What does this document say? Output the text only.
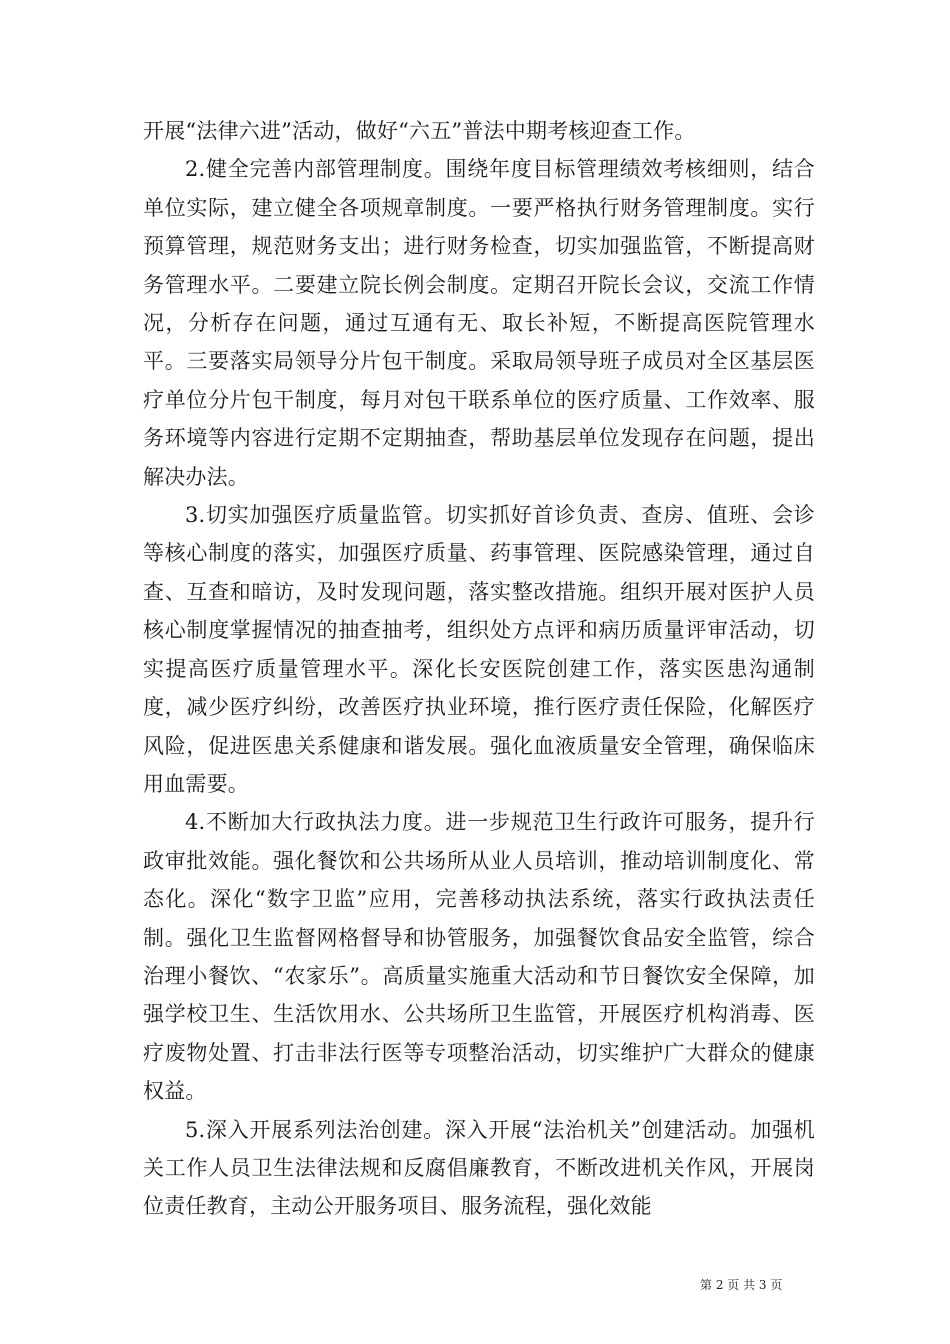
开展“法律六进”活动，做好“六五”普法中期考核迎查工作。

2.健全完善内部管理制度。围绕年度目标管理绩效考核细则，结合单位实际，建立健全各项规章制度。一要严格执行财务管理制度。实行预算管理，规范财务支出；进行财务检查，切实加强监管，不断提高财务管理水平。二要建立院长例会制度。定期召开院长会议，交流工作情况，分析存在问题，通过互通有无、取长补短，不断提高医院管理水平。三要落实局领导分片包干制度。采取局领导班子成员对全区基层医疗单位分片包干制度，每月对包干联系单位的医疗质量、工作效率、服务环境等内容进行定期不定期抽查，帮助基层单位发现存在问题，提出解决办法。

3.切实加强医疗质量监管。切实抓好首诊负责、查房、值班、会诊等核心制度的落实，加强医疗质量、药事管理、医院感染管理，通过自查、互查和暗访，及时发现问题，落实整改措施。组织开展对医护人员核心制度掌握情况的抽查抽考，组织处方点评和病历质量评审活动，切实提高医疗质量管理水平。深化长安医院创建工作，落实医患沟通制度，减少医疗纠纷，改善医疗执业环境，推行医疗责任保险，化解医疗风险，促进医患关系健康和谐发展。强化血液质量安全管理，确保临床用血需要。

4.不断加大行政执法力度。进一步规范卫生行政许可服务，提升行政审批效能。强化餐饮和公共场所从业人员培训，推动培训制度化、常态化。深化“数字卫监”应用，完善移动执法系统，落实行政执法责任制。强化卫生监督网格督导和协管服务，加强餐饮食品安全监管，综合治理小餐饮、“农家乐”。高质量实施重大活动和节日餐饮安全保障，加强学校卫生、生活饮用水、公共场所卫生监管，开展医疗机构消毒、医疗废物处置、打击非法行医等专项整治活动，切实维护广大群众的健康权益。

5.深入开展系列法治创建。深入开展“法治机关”创建活动。加强机关工作人员卫生法律法规和反腐倡廉教育，不断改进机关作风，开展岗位责任教育，主动公开服务项目、服务流程，强化效能

第 2 页 共 3 页
